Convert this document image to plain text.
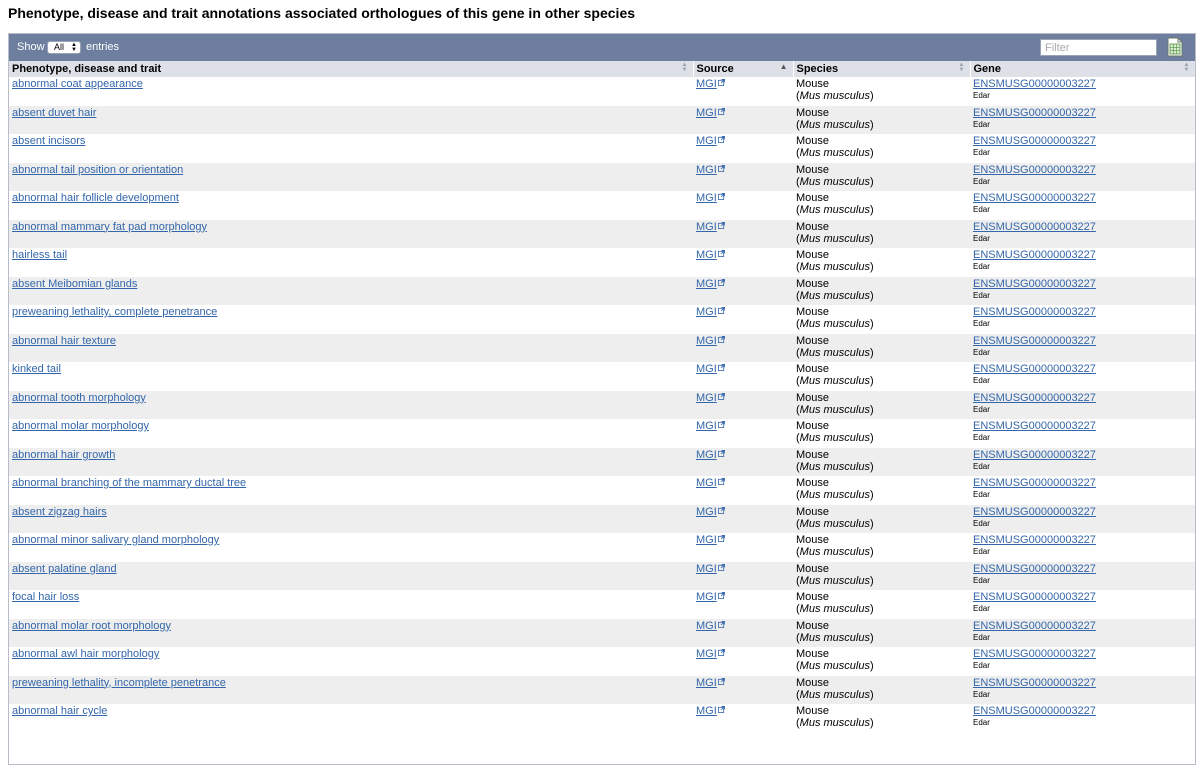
Phenotype, disease and trait annotations associated orthologues of this gene in other species
Show	All ▲
▼ entries
Filter
Phenotype, disease and trait ▲
▼	Source ▲	Species ▲
▼	Gene ▲
▼

abnormal coat appearance	MGI	Mouse
(Mus musculus)	ENSMUSG00000003227
Edar

absent duvet hair	MGI	Mouse
(Mus musculus)	ENSMUSG00000003227
Edar

absent incisors	MGI	Mouse
(Mus musculus)	ENSMUSG00000003227
Edar

abnormal tail position or orientation	MGI	Mouse
(Mus musculus)	ENSMUSG00000003227
Edar

abnormal hair follicle development	MGI	Mouse
(Mus musculus)	ENSMUSG00000003227
Edar

abnormal mammary fat pad morphology	MGI	Mouse
(Mus musculus)	ENSMUSG00000003227
Edar

hairless tail	MGI	Mouse
(Mus musculus)	ENSMUSG00000003227
Edar

absent Meibomian glands	MGI	Mouse
(Mus musculus)	ENSMUSG00000003227
Edar

preweaning lethality, complete penetrance	MGI	Mouse
(Mus musculus)	ENSMUSG00000003227
Edar

abnormal hair texture	MGI	Mouse
(Mus musculus)	ENSMUSG00000003227
Edar

kinked tail	MGI	Mouse
(Mus musculus)	ENSMUSG00000003227
Edar

abnormal tooth morphology	MGI	Mouse
(Mus musculus)	ENSMUSG00000003227
Edar

abnormal molar morphology	MGI	Mouse
(Mus musculus)	ENSMUSG00000003227
Edar

abnormal hair growth	MGI	Mouse
(Mus musculus)	ENSMUSG00000003227
Edar

abnormal branching of the mammary ductal tree	MGI	Mouse
(Mus musculus)	ENSMUSG00000003227
Edar

absent zigzag hairs	MGI	Mouse
(Mus musculus)	ENSMUSG00000003227
Edar

abnormal minor salivary gland morphology	MGI	Mouse
(Mus musculus)	ENSMUSG00000003227
Edar

absent palatine gland	MGI	Mouse
(Mus musculus)	ENSMUSG00000003227
Edar

focal hair loss	MGI	Mouse
(Mus musculus)	ENSMUSG00000003227
Edar

abnormal molar root morphology	MGI	Mouse
(Mus musculus)	ENSMUSG00000003227
Edar

abnormal awl hair morphology	MGI	Mouse
(Mus musculus)	ENSMUSG00000003227
Edar

preweaning lethality, incomplete penetrance	MGI	Mouse
(Mus musculus)	ENSMUSG00000003227
Edar

abnormal hair cycle	MGI	Mouse
(Mus musculus)	ENSMUSG00000003227
Edar
